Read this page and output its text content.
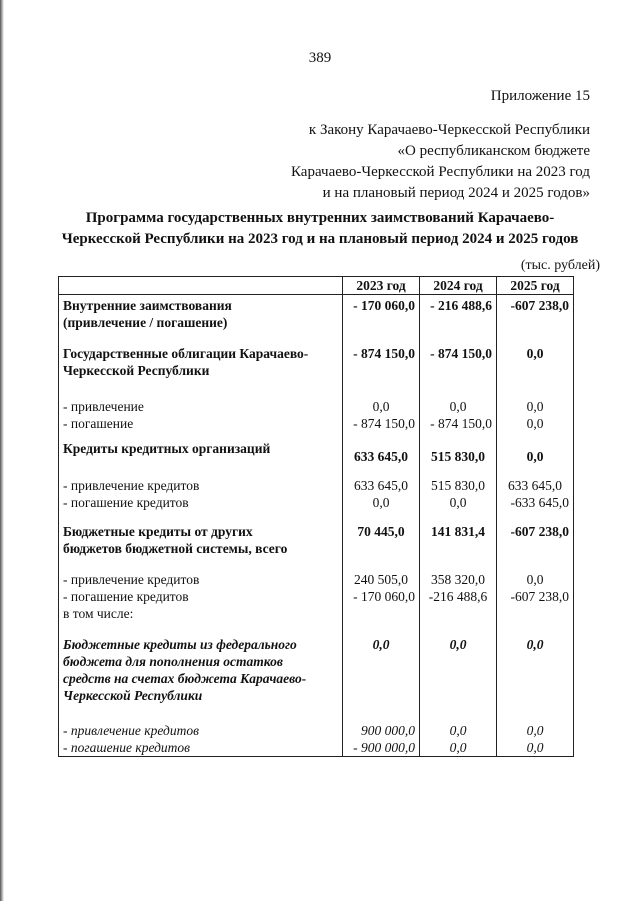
389
Приложение 15
к Закону Карачаево-Черкесской Республики
«О республиканском бюджете
Карачаево-Черкесской Республики на 2023 год
и на плановый период 2024 и 2025 годов»
Программа государственных внутренних заимствований Карачаево-
Черкесской Республики на 2023 год и на плановый период 2024 и 2025 годов
(тыс. рублей)
	2023 год	2024 год	2025 год

Внутренние заимствования
(привлечение / погашение)	- 170 060,0	- 216 488,6	-607 238,0

Государственные облигации Карачаево-
Черкесской Республики	- 874 150,0	- 874 150,0	0,0

- привлечение	0,0	0,0	0,0
- погашение	- 874 150,0	- 874 150,0	0,0

Кредиты кредитных организаций	633 645,0	515 830,0	0,0

- привлечение кредитов	633 645,0	515 830,0	633 645,0
- погашение кредитов	0,0	0,0	-633 645,0

Бюджетные кредиты от других
бюджетов бюджетной системы, всего	70 445,0	141 831,4	-607 238,0

- привлечение кредитов	240 505,0	358 320,0	0,0
- погашение кредитов	- 170 060,0	-216 488,6	-607 238,0
в том числе:			

Бюджетные кредиты из федерального
бюджета для пополнения остатков
средств на счетах бюджета Карачаево-
Черкесской Республики	0,0	0,0	0,0

- привлечение кредитов	900 000,0	0,0	0,0
- погашение кредитов	- 900 000,0	0,0	0,0
